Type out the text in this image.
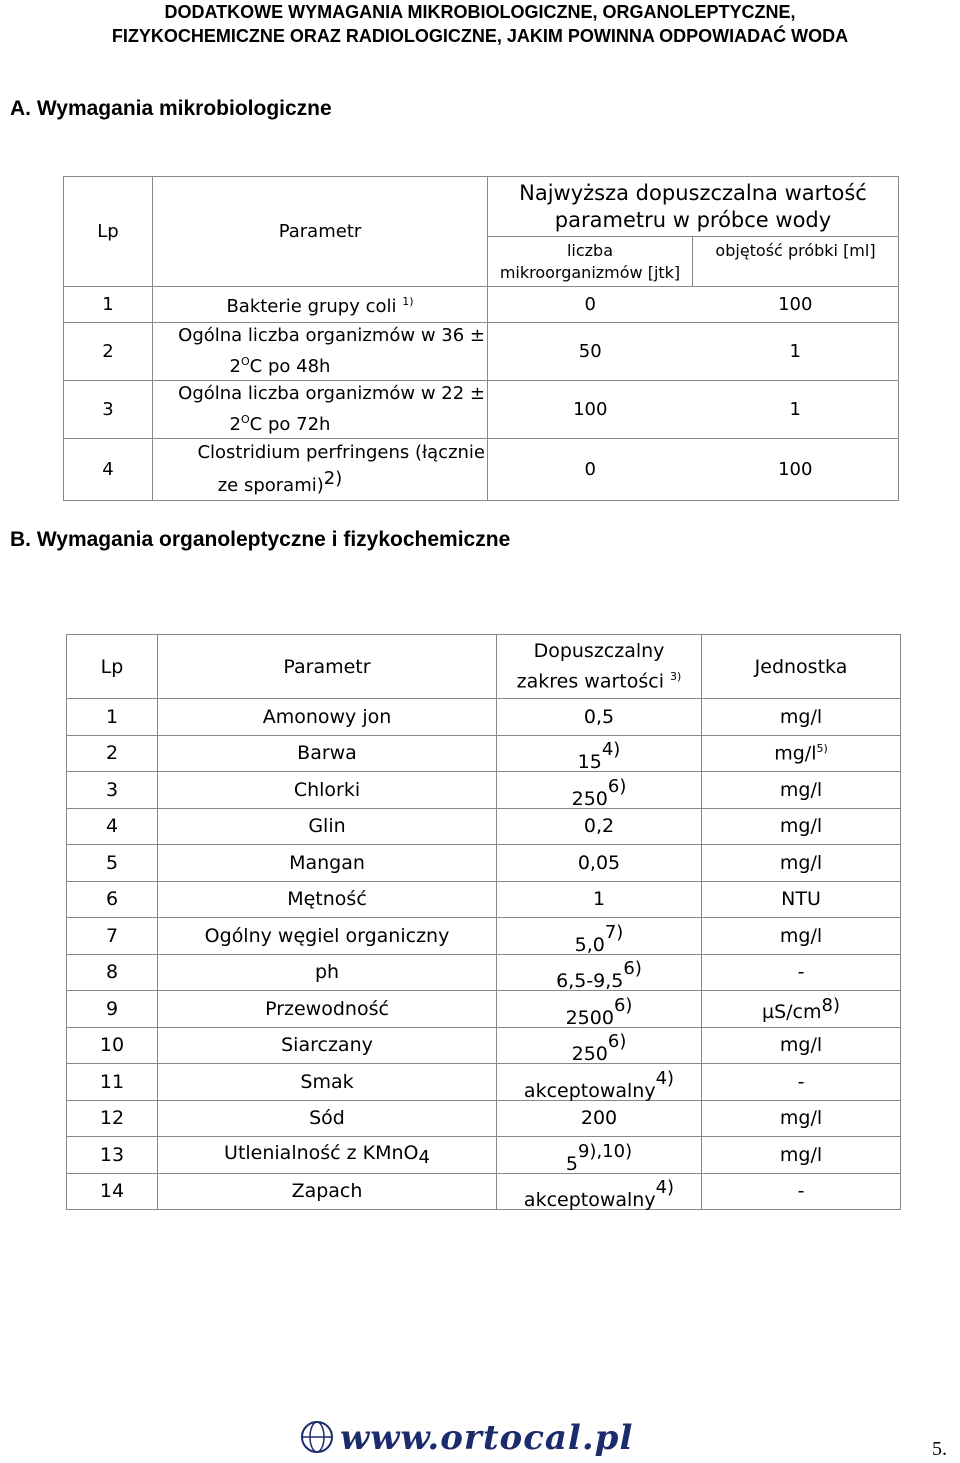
DODATKOWE WYMAGANIA MIKROBIOLOGICZNE, ORGANOLEPTYCZNE,
FIZYKOCHEMICZNE ORAZ RADIOLOGICZNE, JAKIM POWINNA ODPOWIADAĆ WODA
A. Wymagania mikrobiologiczne
Lp	Parametr	Najwyższa dopuszczalna wartość
parametru w próbce wody	

		liczba
mikroorganizmów [jtk]	objętość próbki [ml]
1	Bakterie grupy coli $^{1)}$	0	100
2	Ogólna liczba organizmów w 36 ±
$2^OC$ po 48h	50	1
3	Ogólna liczba organizmów w 22 ±
$2^OC$ po 72h	100	1
4	Clostridium perfringens (łącznie
ze sporami)$^{2)}$	0	100
B. Wymagania organoleptyczne i fizykochemiczne
Lp	Parametr	Dopuszczalny
zakres wartości $^{3)}$	Jednostka
1	Amonowy jon	0,5	mg/l
2	Barwa	154)	$mg/l^{5)}$
3	Chlorki	2506)	mg/l
4	Glin	0,2	mg/l
5	Mangan	0,05	mg/l
6	Mętność	1	NTU
7	Ogólny węgiel organiczny	5,07)	mg/l
8	ph	6,5-9,56)	-
9	Przewodność	25006)	$\mu S/cm^{8)}$
10	Siarczany	2506)	mg/l
11	Smak	akceptowalny4)	-
12	Sód	200	mg/l
13	Utlenialność z KMnO4	59),10)	mg/l
14	Zapach	akceptowalny4)	-
www.ortocal.pl	5.
